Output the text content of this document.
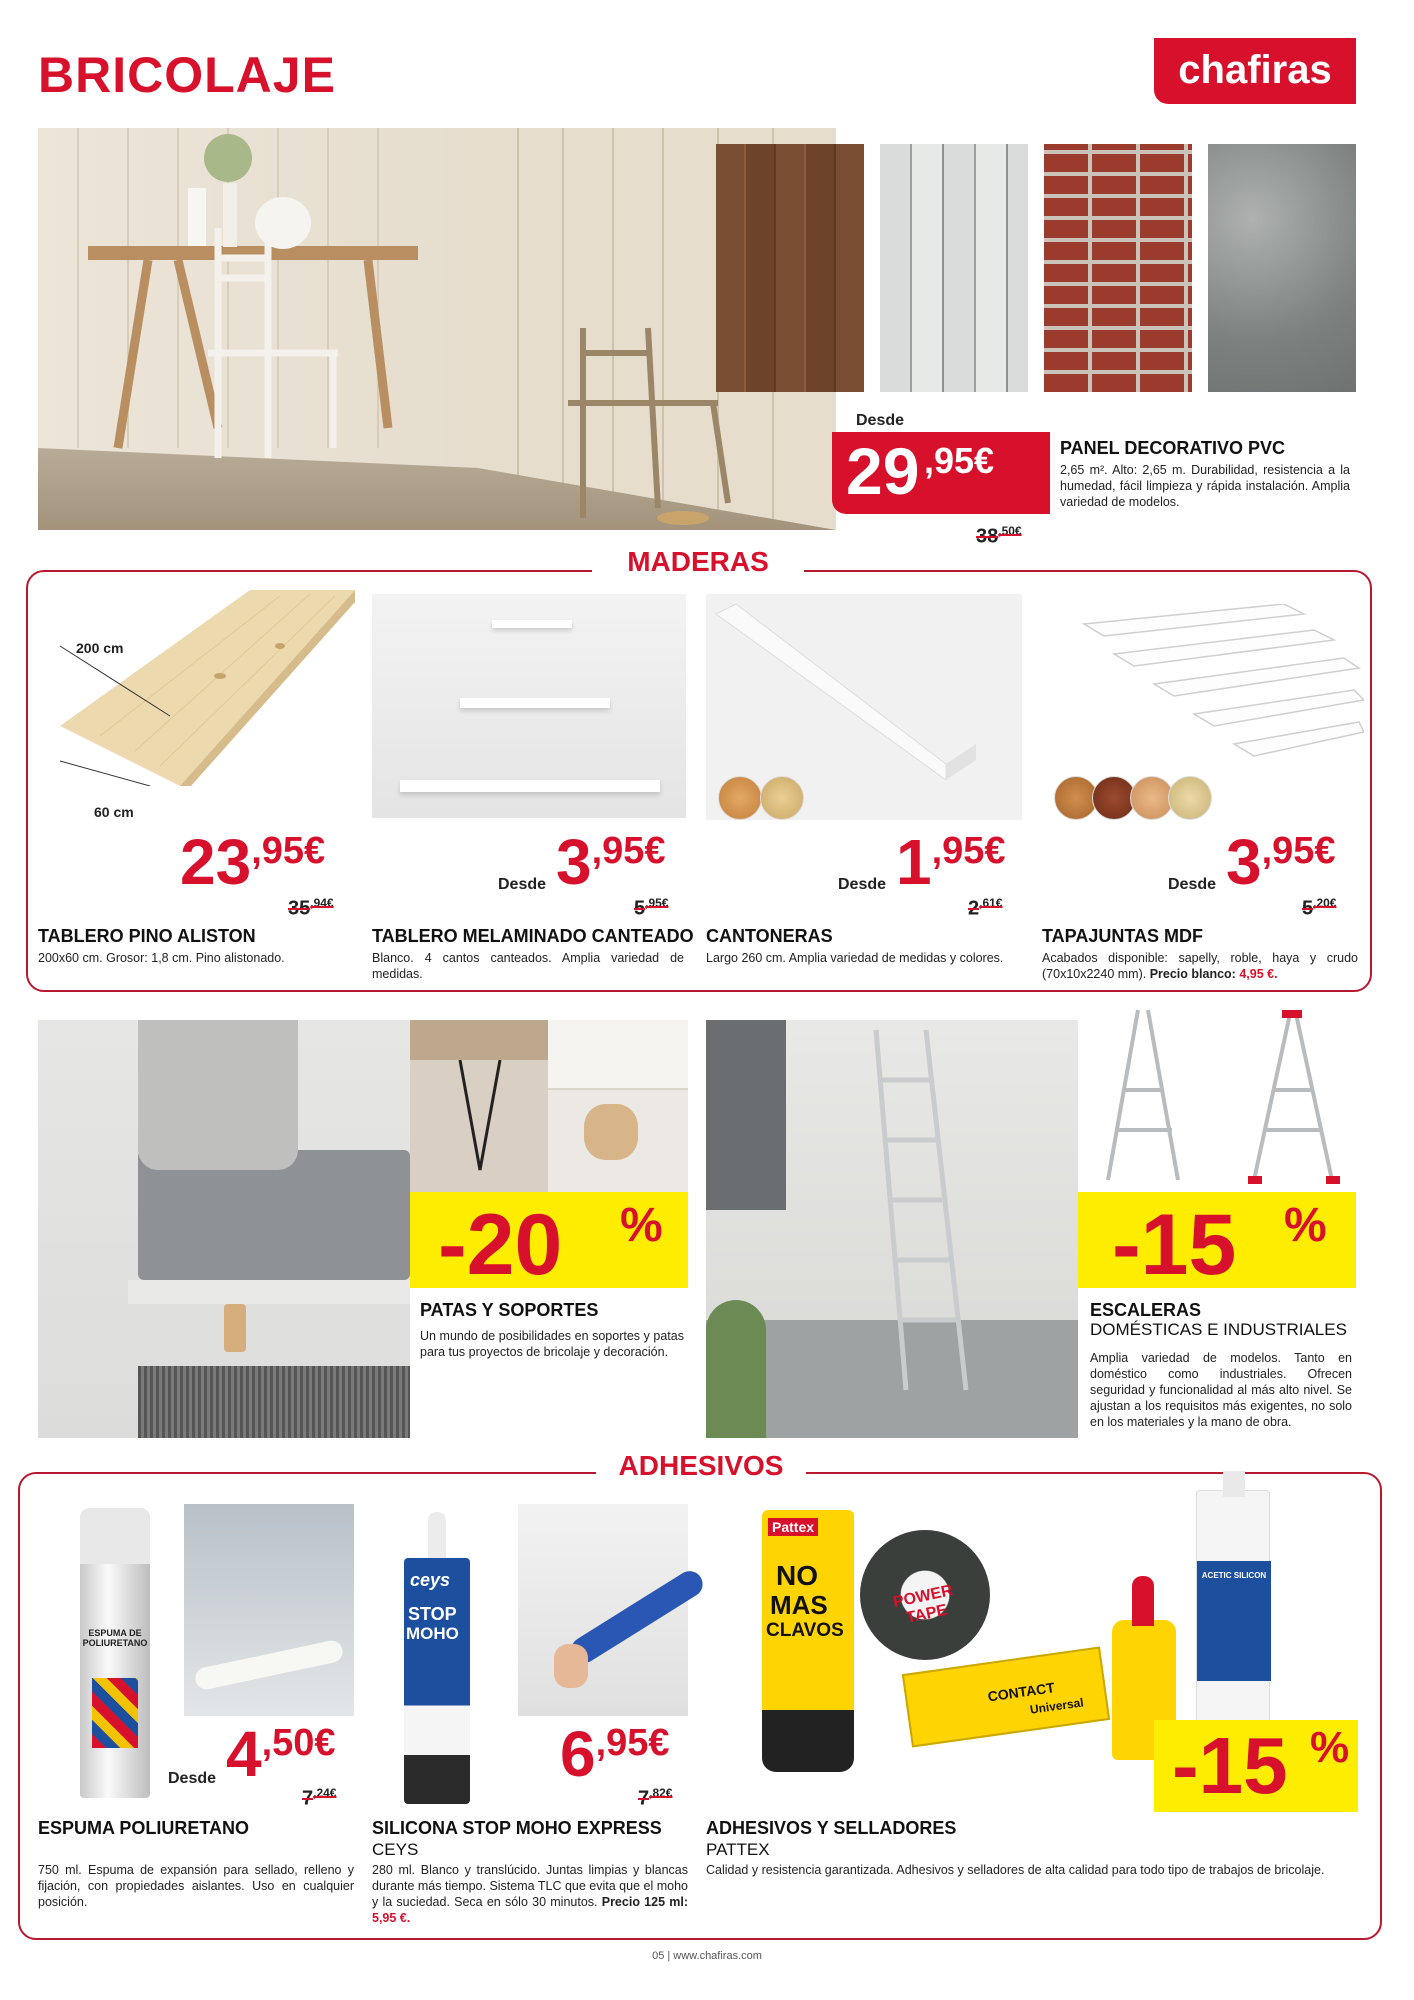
BRICOLAJE	chafiras
Desde
29 ,95€
$38^{,50€}$
PANEL DECORATIVO PVC
2,65 m². Alto: 2,65 m. Durabilidad, resistencia a la humedad, fácil limpieza y rápida instalación. Amplia variedad de modelos.
MADERAS
200 cm
60 cm
$23^{,95€}$
$35^{,94€}$
TABLERO PINO ALISTON
200x60 cm. Grosor: 1,8 cm. Pino alistonado.
Desde $3^{,95€}$
$5^{,95€}$
TABLERO MELAMINADO CANTEADO
Blanco. 4 cantos canteados. Amplia variedad de medidas.
Desde $1^{,95€}$
$2^{,61€}$
CANTONERAS
Largo 260 cm. Amplia variedad de medidas y colores.
Desde $3^{,95€}$
$5^{,20€}$
TAPAJUNTAS MDF
Acabados disponible: sapelly, roble, haya y crudo (70x10x2240 mm). Precio blanco: 4,95 €.
-20 %
PATAS Y SOPORTES
Un mundo de posibilidades en soportes y patas para tus proyectos de bricolaje y decoración.
-15 %
ESCALERAS
DOMÉSTICAS E INDUSTRIALES
Amplia variedad de modelos. Tanto en doméstico como industriales. Ofrecen seguridad y funcionalidad al más alto nivel. Se ajustan a los requisitos más exigentes, no solo en los materiales y la mano de obra.
ADHESIVOS
ESPUMA DE POLIURETANO
Desde $4^{,50€}$
$7^{,24€}$
ESPUMA POLIURETANO
750 ml. Espuma de expansión para sellado, relleno y fijación, con propiedades aislantes. Uso en cualquier posición.
ceys
STOP
MOHO
$6^{,95€}$
$7^{,82€}$
SILICONA STOP MOHO EXPRESS
CEYS
280 ml. Blanco y translúcido. Juntas limpias y blancas durante más tiempo. Sistema TLC que evita que el moho y la suciedad. Seca en sólo 30 minutos. Precio 125 ml: 5,95 €.
Pattex
NO
MAS
CLAVOS
POWER TAPE
CONTACT
Universal
ACETIC SILICON
-15 %
ADHESIVOS Y SELLADORES
PATTEX
Calidad y resistencia garantizada. Adhesivos y selladores de alta calidad para todo tipo de trabajos de bricolaje.
05 | www.chafiras.com
